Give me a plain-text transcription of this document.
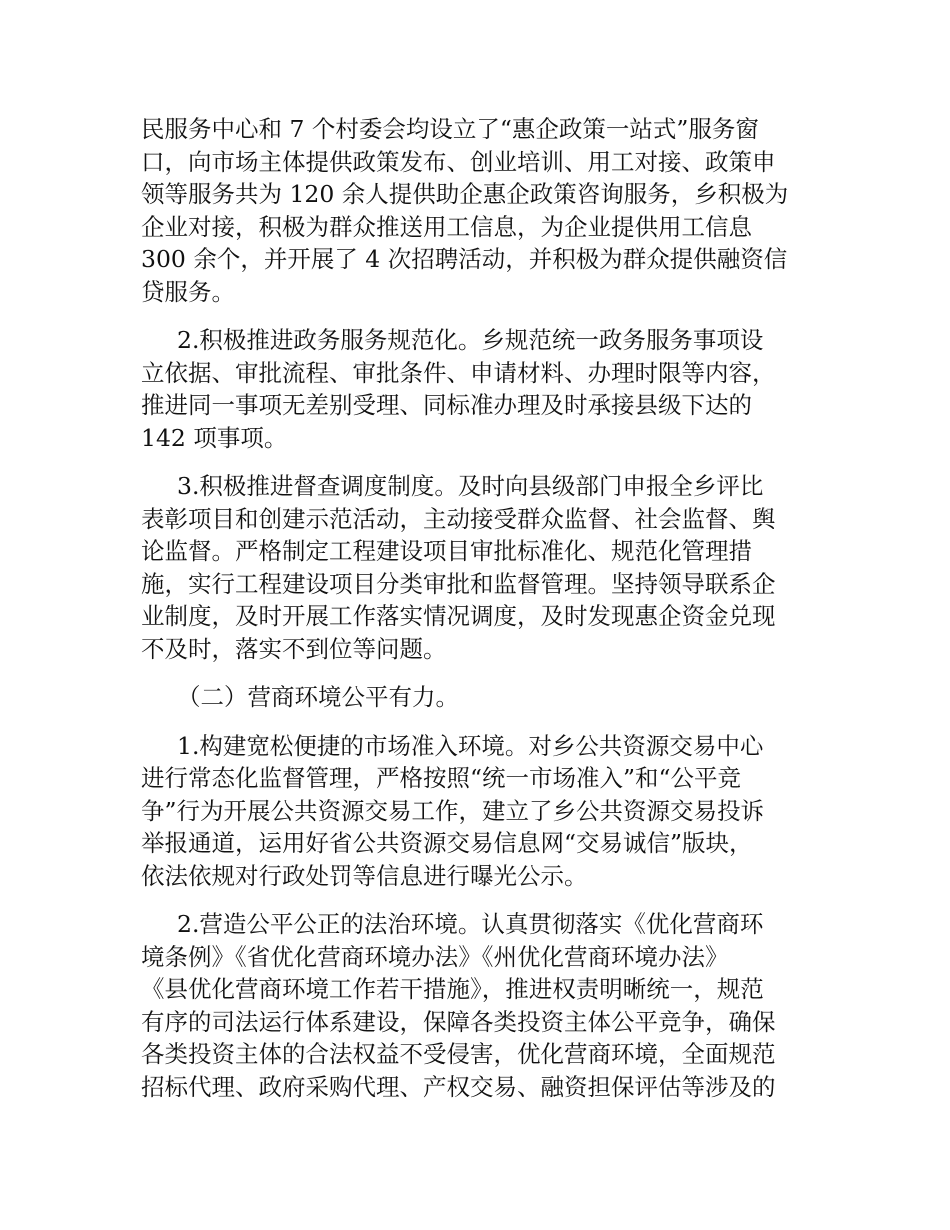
民服务中心和 7 个村委会均设立了“惠企政策一站式”服务窗
口，向市场主体提供政策发布、创业培训、用工对接、政策申
领等服务共为 120 余人提供助企惠企政策咨询服务，乡积极为
企业对接，积极为群众推送用工信息，为企业提供用工信息
300 余个，并开展了 4 次招聘活动，并积极为群众提供融资信
贷服务。
2.积极推进政务服务规范化。乡规范统一政务服务事项设
立依据、审批流程、审批条件、申请材料、办理时限等内容，
推进同一事项无差别受理、同标准办理及时承接县级下达的
142 项事项。
3.积极推进督查调度制度。及时向县级部门申报全乡评比
表彰项目和创建示范活动，主动接受群众监督、社会监督、舆
论监督。严格制定工程建设项目审批标准化、规范化管理措
施，实行工程建设项目分类审批和监督管理。坚持领导联系企
业制度，及时开展工作落实情况调度，及时发现惠企资金兑现
不及时，落实不到位等问题。
（二）营商环境公平有力。
1.构建宽松便捷的市场准入环境。对乡公共资源交易中心
进行常态化监督管理，严格按照“统一市场准入”和“公平竞
争”行为开展公共资源交易工作，建立了乡公共资源交易投诉
举报通道，运用好省公共资源交易信息网“交易诚信”版块，
依法依规对行政处罚等信息进行曝光公示。
2.营造公平公正的法治环境。认真贯彻落实《优化营商环
境条例》《省优化营商环境办法》《州优化营商环境办法》
《县优化营商环境工作若干措施》，推进权责明晰统一，规范
有序的司法运行体系建设，保障各类投资主体公平竞争，确保
各类投资主体的合法权益不受侵害，优化营商环境，全面规范
招标代理、政府采购代理、产权交易、融资担保评估等涉及的
